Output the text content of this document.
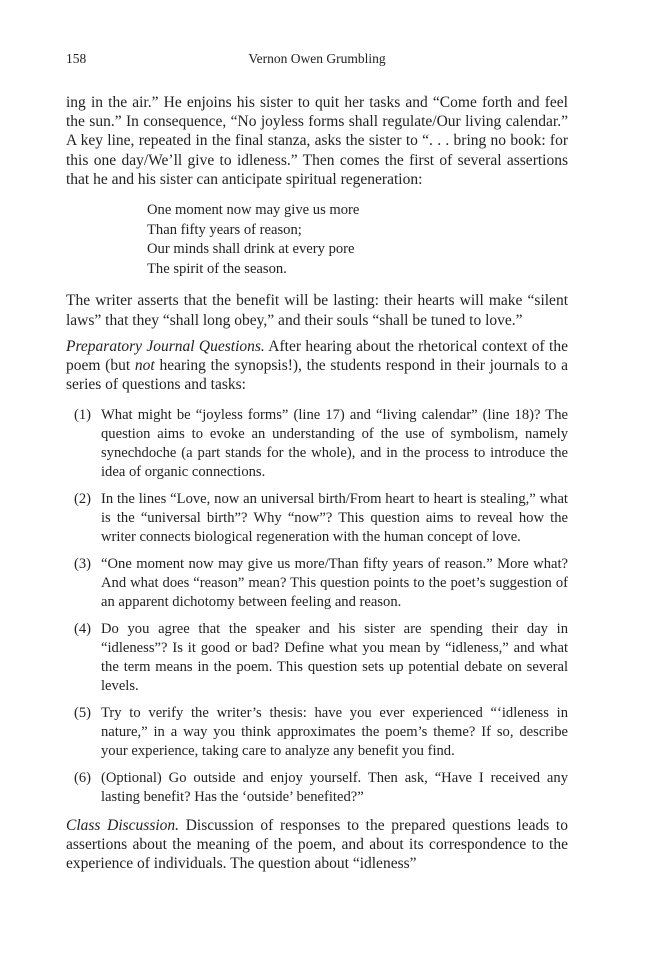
158	Vernon Owen Grumbling

ing in the air.” He enjoins his sister to quit her tasks and “Come forth and feel the sun.” In consequence, “No joyless forms shall regulate/Our living calendar.” A key line, repeated in the final stanza, asks the sister to “. . . bring no book: for this one day/We’ll give to idleness.” Then comes the first of several assertions that he and his sister can anticipate spiritual regeneration:

One moment now may give us more
Than fifty years of reason;
Our minds shall drink at every pore
The spirit of the season.

The writer asserts that the benefit will be lasting: their hearts will make “silent laws” that they “shall long obey,” and their souls “shall be tuned to love.”

Preparatory Journal Questions. After hearing about the rhetorical context of the poem (but not hearing the synopsis!), the students respond in their journals to a series of questions and tasks:

(1) What might be “joyless forms” (line 17) and “living calendar” (line 18)? The question aims to evoke an understanding of the use of symbolism, namely synechdoche (a part stands for the whole), and in the process to introduce the idea of organic connections.
(2) In the lines “Love, now an universal birth/From heart to heart is stealing,” what is the “universal birth”? Why “now”? This question aims to reveal how the writer connects biological regeneration with the human concept of love.
(3) “One moment now may give us more/Than fifty years of reason.” More what? And what does “reason” mean? This question points to the poet’s suggestion of an apparent dichotomy between feeling and reason.
(4) Do you agree that the speaker and his sister are spending their day in “idleness”? Is it good or bad? Define what you mean by “idleness,” and what the term means in the poem. This question sets up potential debate on several levels.
(5) Try to verify the writer’s thesis: have you ever experienced “‘idleness in nature,” in a way you think approximates the poem’s theme? If so, describe your experience, taking care to analyze any benefit you find.
(6) (Optional) Go outside and enjoy yourself. Then ask, “Have I received any lasting benefit? Has the ‘outside’ benefited?”

Class Discussion. Discussion of responses to the prepared questions leads to assertions about the meaning of the poem, and about its correspondence to the experience of individuals. The question about “idleness”
